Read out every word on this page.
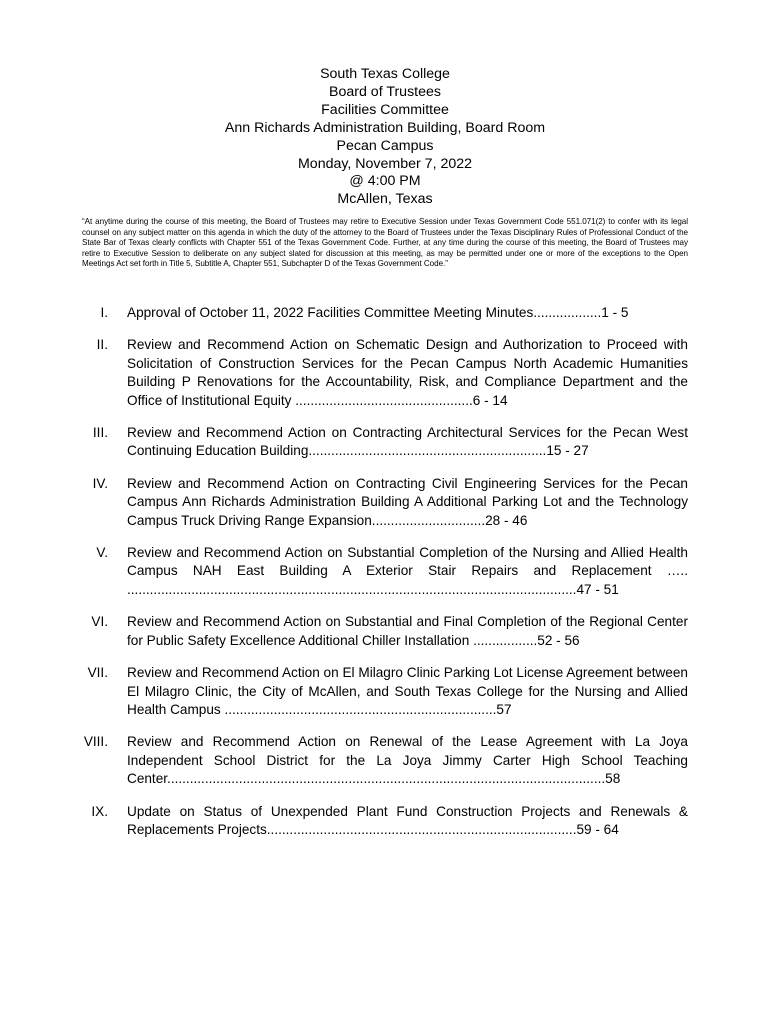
South Texas College
Board of Trustees
Facilities Committee
Ann Richards Administration Building, Board Room
Pecan Campus
Monday, November 7, 2022
@ 4:00 PM
McAllen, Texas
“At anytime during the course of this meeting, the Board of Trustees may retire to Executive Session under Texas Government Code 551.071(2) to confer with its legal counsel on any subject matter on this agenda in which the duty of the attorney to the Board of Trustees under the Texas Disciplinary Rules of Professional Conduct of the State Bar of Texas clearly conflicts with Chapter 551 of the Texas Government Code. Further, at any time during the course of this meeting, the Board of Trustees may retire to Executive Session to deliberate on any subject slated for discussion at this meeting, as may be permitted under one or more of the exceptions to the Open Meetings Act set forth in Title 5, Subtitle A, Chapter 551, Subchapter D of the Texas Government Code.”
I. Approval of October 11, 2022 Facilities Committee Meeting Minutes..................1 - 5
II. Review and Recommend Action on Schematic Design and Authorization to Proceed with Solicitation of Construction Services for the Pecan Campus North Academic Humanities Building P Renovations for the Accountability, Risk, and Compliance Department and the Office of Institutional Equity ...............................................6 - 14
III. Review and Recommend Action on Contracting Architectural Services for the Pecan West Continuing Education Building...............................................................15 - 27
IV. Review and Recommend Action on Contracting Civil Engineering Services for the Pecan Campus Ann Richards Administration Building A Additional Parking Lot and the Technology Campus Truck Driving Range Expansion..............................28 - 46
V. Review and Recommend Action on Substantial Completion of the Nursing and Allied Health Campus NAH East Building A Exterior Stair Repairs and Replacement ….. .......................................................................................................................47 - 51
VI. Review and Recommend Action on Substantial and Final Completion of the Regional Center for Public Safety Excellence Additional Chiller Installation .................52 - 56
VII. Review and Recommend Action on El Milagro Clinic Parking Lot License Agreement between El Milagro Clinic, the City of McAllen, and South Texas College for the Nursing and Allied Health Campus ........................................................................57
VIII. Review and Recommend Action on Renewal of the Lease Agreement with La Joya Independent School District for the La Joya Jimmy Carter High School Teaching Center....................................................................................................................58
IX. Update on Status of Unexpended Plant Fund Construction Projects and Renewals & Replacements Projects..................................................................................59 - 64
